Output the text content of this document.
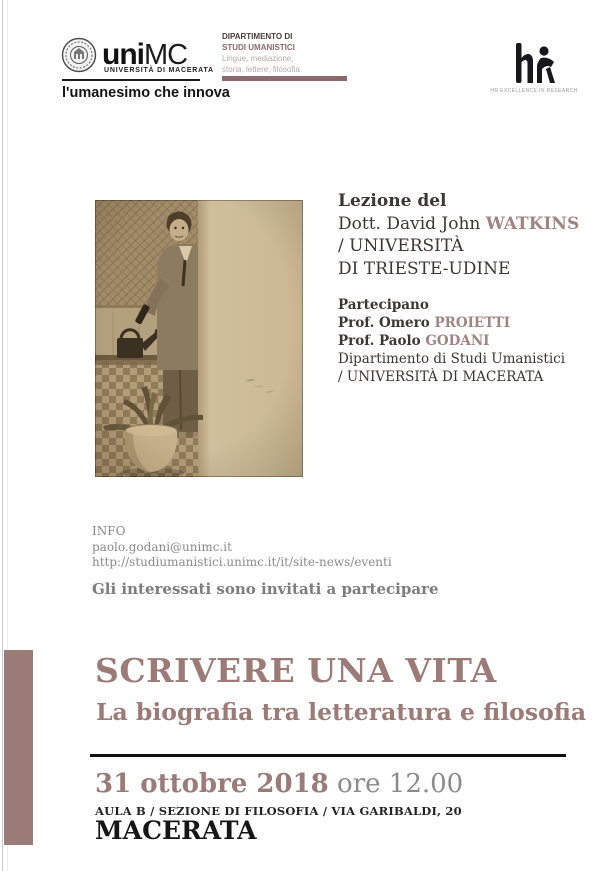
uniMC
UNIVERSITÀ DI MACERATA
l'umanesimo che innova
DIPARTIMENTO DI
STUDI UMANISTICI
Lingue, mediazione,
storia, lettere, filosofia
HR EXCELLENCE IN RESEARCH
Lezione del
Dott. David John WATKINS
/ UNIVERSITÀ
DI TRIESTE-UDINE
Partecipano
Prof. Omero PROIETTI
Prof. Paolo GODANI
Dipartimento di Studi Umanistici
/ UNIVERSITÀ DI MACERATA
INFO
paolo.godani@unimc.it
http://studiumanistici.unimc.it/it/site-news/eventi
Gli interessati sono invitati a partecipare
SCRIVERE UNA VITA
La biografia tra letteratura e filosofia
31 ottobre 2018 ore 12.00
AULA B / SEZIONE DI FILOSOFIA / VIA GARIBALDI, 20
MACERATA
